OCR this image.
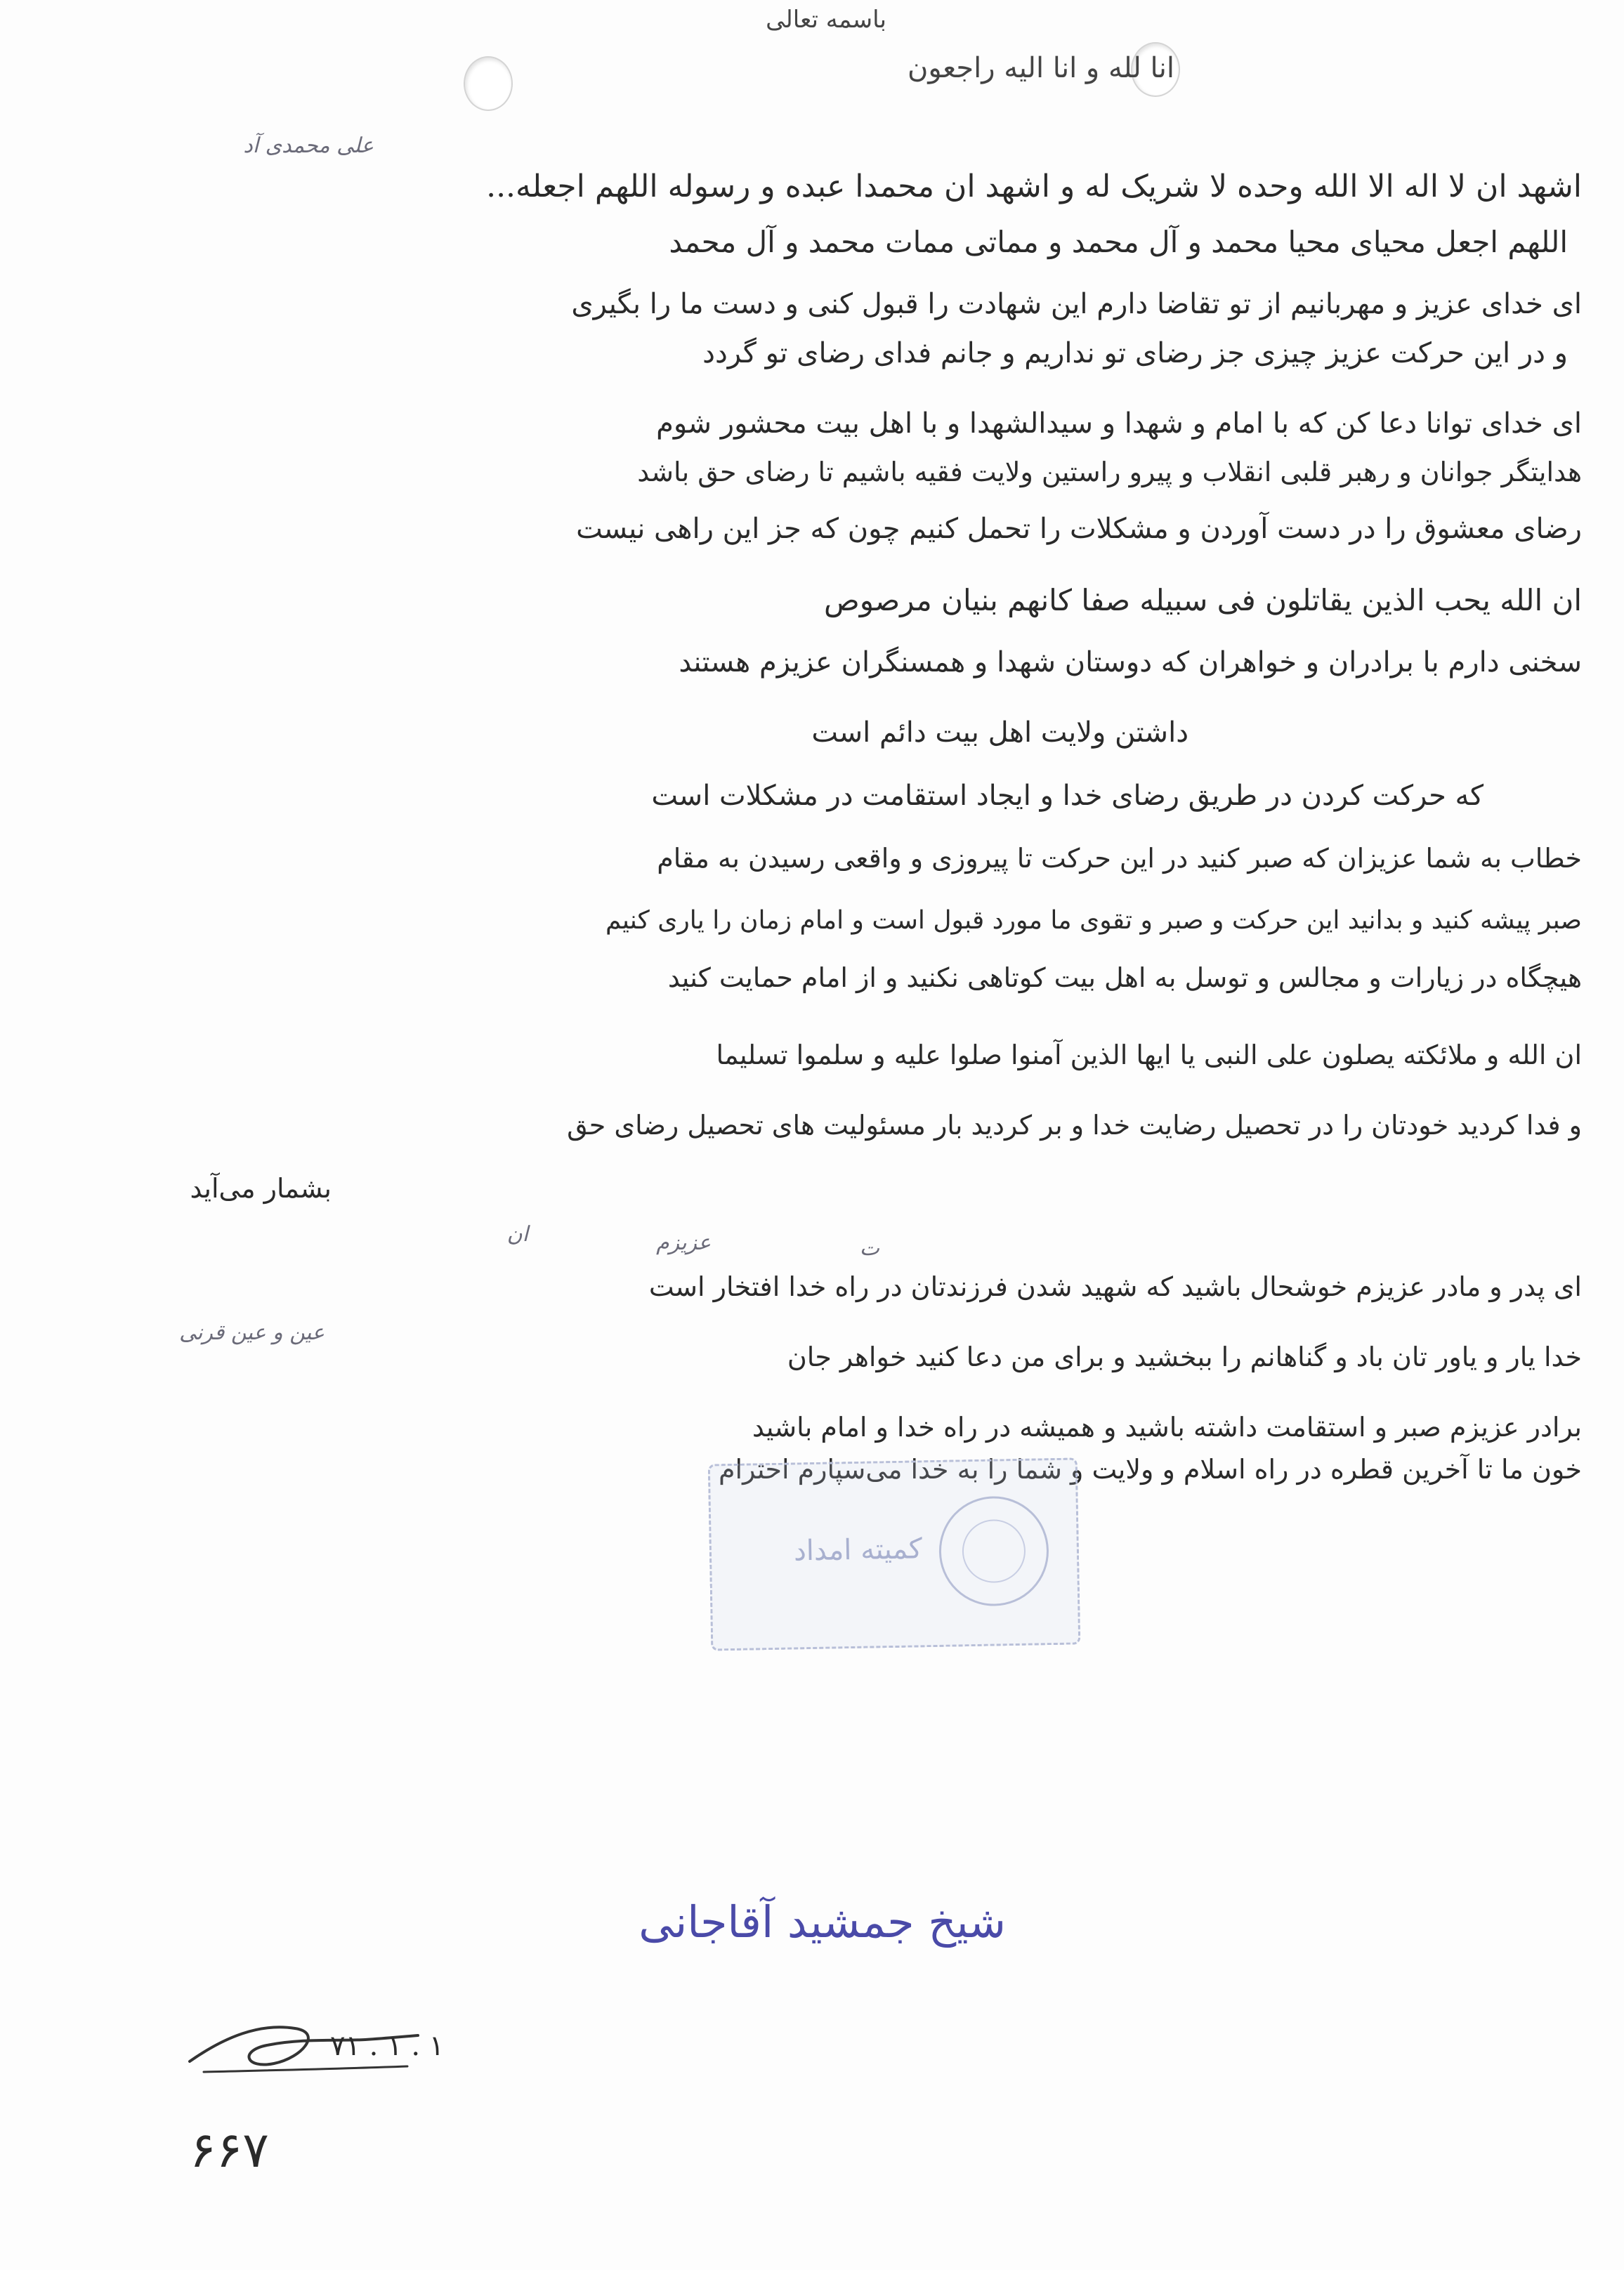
باسمه تعالی
انا لله و انا الیه راجعون
علی محمدی آد
اشهد ان لا اله الا الله وحده لا شریک له و اشهد ان محمدا عبده و رسوله اللهم اجعله...
اللهم اجعل محیای محیا محمد و آل محمد و مماتی ممات محمد و آل محمد
ای خدای عزیز و مهربانیم از تو تقاضا دارم این شهادت را قبول کنی و دست ما را بگیری
و در این حرکت عزیز چیزی جز رضای تو نداریم و جانم فدای رضای تو گردد
ای خدای توانا دعا کن که با امام و شهدا و سیدالشهدا و با اهل بیت محشور شوم
هدایتگر جوانان و رهبر قلبی انقلاب و پیرو راستین ولایت فقیه باشیم تا رضای حق باشد
رضای معشوق را در دست آوردن و مشکلات را تحمل کنیم چون که جز این راهی نیست
ان الله یحب الذین یقاتلون فی سبیله صفا کانهم بنیان مرصوص
سخنی دارم با برادران و خواهران که دوستان شهدا و همسنگران عزیزم هستند
داشتن ولایت اهل بیت دائم است
که حرکت کردن در طریق رضای خدا و ایجاد استقامت در مشکلات است
خطاب به شما عزیزان که صبر کنید در این حرکت تا پیروزی و واقعی رسیدن به مقام
صبر پیشه کنید و بدانید این حرکت و صبر و تقوی ما مورد قبول است و امام زمان را یاری کنیم
هیچگاه در زیارات و مجالس و توسل به اهل بیت کوتاهی نکنید و از امام حمایت کنید
ان الله و ملائکته یصلون علی النبی یا ایها الذین آمنوا صلوا علیه و سلموا تسلیما
و فدا کردید خودتان را در تحصیل رضایت خدا و بر کردید بار مسئولیت های تحصیل رضای حق
بشمار می‌آید
ت
عزیزم
ان
عین و عین قرنی
ای پدر و مادر عزیزم خوشحال باشید که شهید شدن فرزندتان در راه خدا افتخار است
خدا یار و یاور تان باد و گناهانم را ببخشید و برای من دعا کنید خواهر جان
برادر عزیزم صبر و استقامت داشته باشید و همیشه در راه خدا و امام باشید
خون ما تا آخرین قطره در راه اسلام و ولایت و شما را به خدا می‌سپارم احترام
کمیته امداد
شیخ جمشید آقاجانی
۷۱ . ۱ . ۱
۶۶۷
